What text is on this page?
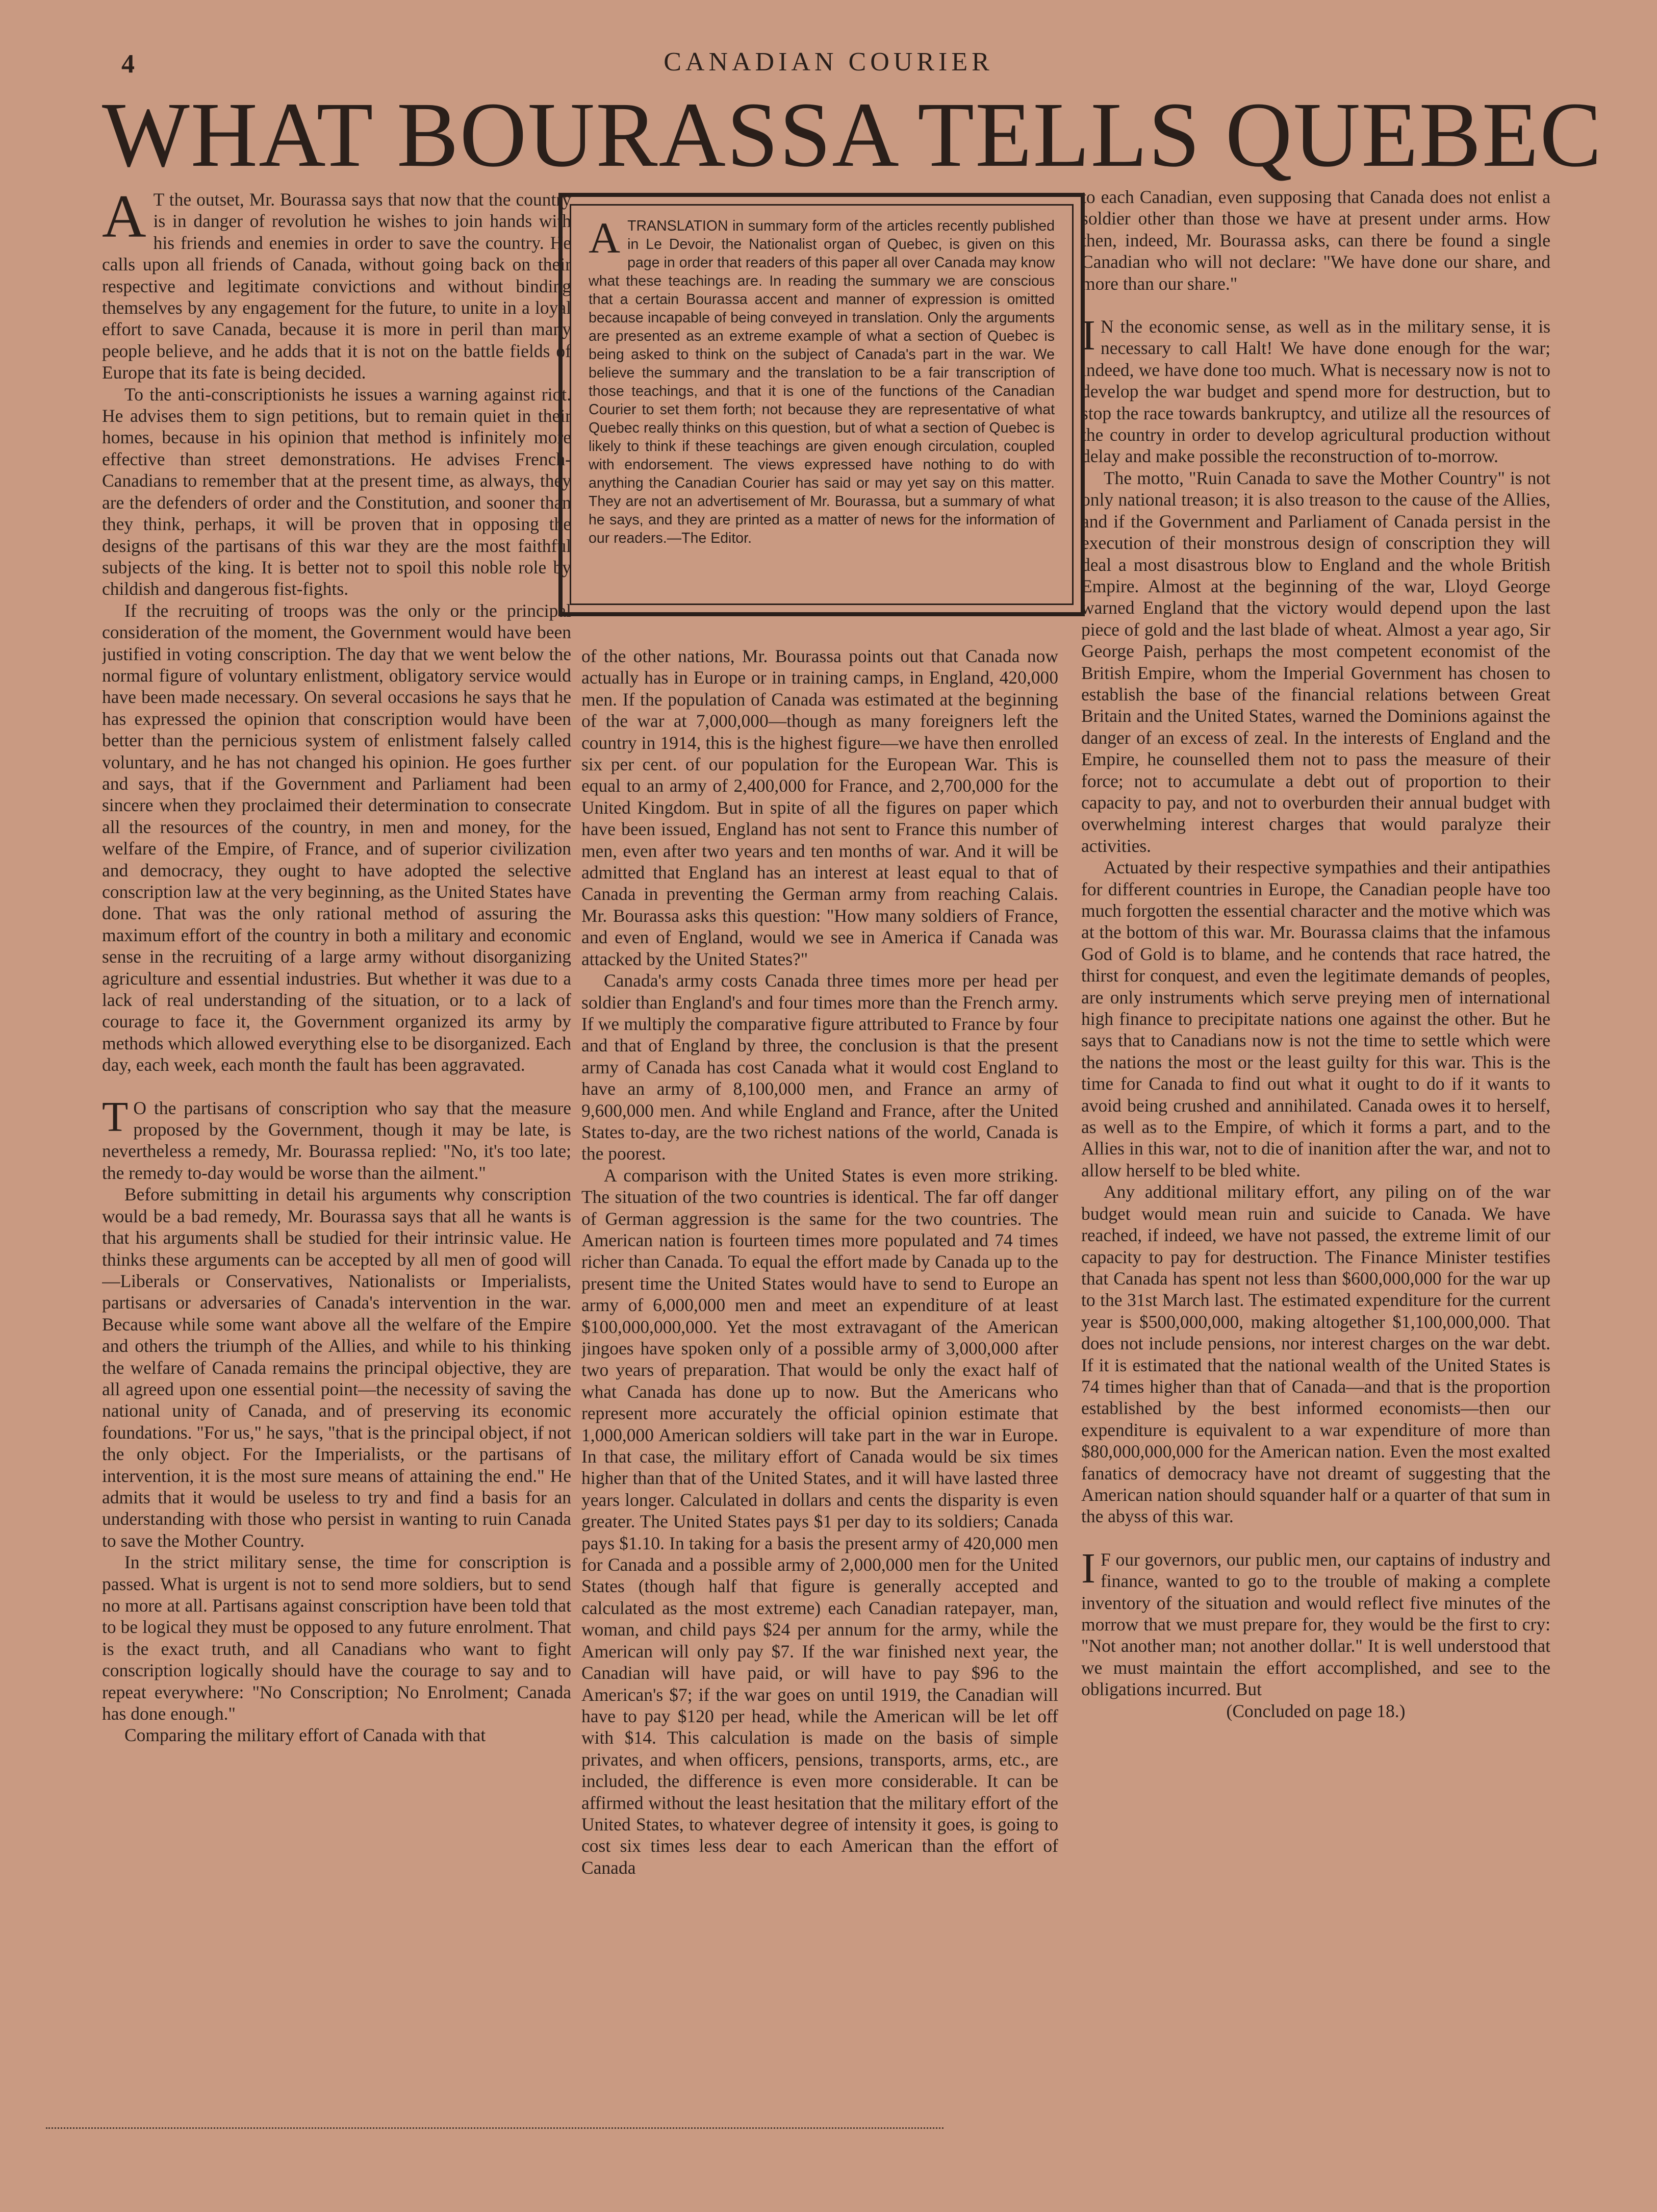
4	CANADIAN COURIER
WHAT BOURASSA TELLS QUEBEC

A T the outset, Mr. Bourassa says that now that the country is in danger of revolution he wishes to join hands with his friends and enemies in order to save the country. He calls upon all friends of Canada, without going back on their respective and legitimate convictions and without binding themselves by any engagement for the future, to unite in a loyal effort to save Canada, because it is more in peril than many people believe, and he adds that it is not on the battle fields of Europe that its fate is being decided.

To the anti-conscriptionists he issues a warning against riot. He advises them to sign petitions, but to remain quiet in their homes, because in his opinion that method is infinitely more effective than street demonstrations. He advises French-Canadians to remember that at the present time, as always, they are the defenders of order and the Constitution, and sooner than they think, perhaps, it will be proven that in opposing the designs of the partisans of this war they are the most faithful subjects of the king. It is better not to spoil this noble role by childish and dangerous fist-fights.

If the recruiting of troops was the only or the principal consideration of the moment, the Government would have been justified in voting conscription. The day that we went below the normal figure of voluntary enlistment, obligatory service would have been made necessary. On several occasions he says that he has expressed the opinion that conscription would have been better than the pernicious system of enlistment falsely called voluntary, and he has not changed his opinion. He goes further and says, that if the Government and Parliament had been sincere when they proclaimed their determination to consecrate all the resources of the country, in men and money, for the welfare of the Empire, of France, and of superior civilization and democracy, they ought to have adopted the selective conscription law at the very beginning, as the United States have done. That was the only rational method of assuring the maximum effort of the country in both a military and economic sense in the recruiting of a large army without disorganizing agriculture and essential industries. But whether it was due to a lack of real understanding of the situation, or to a lack of courage to face it, the Government organized its army by methods which allowed everything else to be disorganized. Each day, each week, each month the fault has been aggravated.

T O the partisans of conscription who say that the measure proposed by the Government, though it may be late, is nevertheless a remedy, Mr. Bourassa replied: "No, it's too late; the remedy to-day would be worse than the ailment."

Before submitting in detail his arguments why conscription would be a bad remedy, Mr. Bourassa says that all he wants is that his arguments shall be studied for their intrinsic value. He thinks these arguments can be accepted by all men of good will—Liberals or Conservatives, Nationalists or Imperialists, partisans or adversaries of Canada's intervention in the war. Because while some want above all the welfare of the Empire and others the triumph of the Allies, and while to his thinking the welfare of Canada remains the principal objective, they are all agreed upon one essential point—the necessity of saving the national unity of Canada, and of preserving its economic foundations. "For us," he says, "that is the principal object, if not the only object. For the Imperialists, or the partisans of intervention, it is the most sure means of attaining the end." He admits that it would be useless to try and find a basis for an understanding with those who persist in wanting to ruin Canada to save the Mother Country.

In the strict military sense, the time for conscription is passed. What is urgent is not to send more soldiers, but to send no more at all. Partisans against conscription have been told that to be logical they must be opposed to any future enrolment. That is the exact truth, and all Canadians who want to fight conscription logically should have the courage to say and to repeat everywhere: "No Conscription; No Enrolment; Canada has done enough."

Comparing the military effort of Canada with that

ATRANSLATION in summary form of the articles recently published in Le Devoir, the Nationalist organ of Quebec, is given on this page in order that readers of this paper all over Canada may know what these teachings are. In reading the summary we are conscious that a certain Bourassa accent and manner of expression is omitted because incapable of being conveyed in translation. Only the arguments are presented as an extreme example of what a section of Quebec is being asked to think on the subject of Canada's part in the war. We believe the summary and the translation to be a fair transcription of those teachings, and that it is one of the functions of the Canadian Courier to set them forth; not because they are representative of what Quebec really thinks on this question, but of what a section of Quebec is likely to think if these teachings are given enough circulation, coupled with endorsement. The views expressed have nothing to do with anything the Canadian Courier has said or may yet say on this matter. They are not an advertisement of Mr. Bourassa, but a summary of what he says, and they are printed as a matter of news for the information of our readers.—The Editor.

of the other nations, Mr. Bourassa points out that Canada now actually has in Europe or in training camps, in England, 420,000 men. If the population of Canada was estimated at the beginning of the war at 7,000,000—though as many foreigners left the country in 1914, this is the highest figure—we have then enrolled six per cent. of our population for the European War. This is equal to an army of 2,400,000 for France, and 2,700,000 for the United Kingdom. But in spite of all the figures on paper which have been issued, England has not sent to France this number of men, even after two years and ten months of war. And it will be admitted that England has an interest at least equal to that of Canada in preventing the German army from reaching Calais. Mr. Bourassa asks this question: "How many soldiers of France, and even of England, would we see in America if Canada was attacked by the United States?"

Canada's army costs Canada three times more per head per soldier than England's and four times more than the French army. If we multiply the comparative figure attributed to France by four and that of England by three, the conclusion is that the present army of Canada has cost Canada what it would cost England to have an army of 8,100,000 men, and France an army of 9,600,000 men. And while England and France, after the United States to-day, are the two richest nations of the world, Canada is the poorest.

A comparison with the United States is even more striking. The situation of the two countries is identical. The far off danger of German aggression is the same for the two countries. The American nation is fourteen times more populated and 74 times richer than Canada. To equal the effort made by Canada up to the present time the United States would have to send to Europe an army of 6,000,000 men and meet an expenditure of at least $100,000,000,000. Yet the most extravagant of the American jingoes have spoken only of a possible army of 3,000,000 after two years of preparation. That would be only the exact half of what Canada has done up to now. But the Americans who represent more accurately the official opinion estimate that 1,000,000 American soldiers will take part in the war in Europe. In that case, the military effort of Canada would be six times higher than that of the United States, and it will have lasted three years longer. Calculated in dollars and cents the disparity is even greater. The United States pays $1 per day to its soldiers; Canada pays $1.10. In taking for a basis the present army of 420,000 men for Canada and a possible army of 2,000,000 men for the United States (though half that figure is generally accepted and calculated as the most extreme) each Canadian ratepayer, man, woman, and child pays $24 per annum for the army, while the American will only pay $7. If the war finished next year, the Canadian will have paid, or will have to pay $96 to the American's $7; if the war goes on until 1919, the Canadian will have to pay $120 per head, while the American will be let off with $14. This calculation is made on the basis of simple privates, and when officers, pensions, transports, arms, etc., are included, the difference is even more considerable. It can be affirmed without the least hesitation that the military effort of the United States, to whatever degree of intensity it goes, is going to cost six times less dear to each American than the effort of Canada

to each Canadian, even supposing that Canada does not enlist a soldier other than those we have at present under arms. How then, indeed, Mr. Bourassa asks, can there be found a single Canadian who will not declare: "We have done our share, and more than our share."

I N the economic sense, as well as in the military sense, it is necessary to call Halt! We have done enough for the war; indeed, we have done too much. What is necessary now is not to develop the war budget and spend more for destruction, but to stop the race towards bankruptcy, and utilize all the resources of the country in order to develop agricultural production without delay and make possible the reconstruction of to-morrow.

The motto, "Ruin Canada to save the Mother Country" is not only national treason; it is also treason to the cause of the Allies, and if the Government and Parliament of Canada persist in the execution of their monstrous design of conscription they will deal a most disastrous blow to England and the whole British Empire. Almost at the beginning of the war, Lloyd George warned England that the victory would depend upon the last piece of gold and the last blade of wheat. Almost a year ago, Sir George Paish, perhaps the most competent economist of the British Empire, whom the Imperial Government has chosen to establish the base of the financial relations between Great Britain and the United States, warned the Dominions against the danger of an excess of zeal. In the interests of England and the Empire, he counselled them not to pass the measure of their force; not to accumulate a debt out of proportion to their capacity to pay, and not to overburden their annual budget with overwhelming interest charges that would paralyze their activities.

Actuated by their respective sympathies and their antipathies for different countries in Europe, the Canadian people have too much forgotten the essential character and the motive which was at the bottom of this war. Mr. Bourassa claims that the infamous God of Gold is to blame, and he contends that race hatred, the thirst for conquest, and even the legitimate demands of peoples, are only instruments which serve preying men of international high finance to precipitate nations one against the other. But he says that to Canadians now is not the time to settle which were the nations the most or the least guilty for this war. This is the time for Canada to find out what it ought to do if it wants to avoid being crushed and annihilated. Canada owes it to herself, as well as to the Empire, of which it forms a part, and to the Allies in this war, not to die of inanition after the war, and not to allow herself to be bled white.

Any additional military effort, any piling on of the war budget would mean ruin and suicide to Canada. We have reached, if indeed, we have not passed, the extreme limit of our capacity to pay for destruction. The Finance Minister testifies that Canada has spent not less than $600,000,000 for the war up to the 31st March last. The estimated expenditure for the current year is $500,000,000, making altogether $1,100,000,000. That does not include pensions, nor interest charges on the war debt. If it is estimated that the national wealth of the United States is 74 times higher than that of Canada—and that is the proportion established by the best informed economists—then our expenditure is equivalent to a war expenditure of more than $80,000,000,000 for the American nation. Even the most exalted fanatics of democracy have not dreamt of suggesting that the American nation should squander half or a quarter of that sum in the abyss of this war.

I F our governors, our public men, our captains of industry and finance, wanted to go to the trouble of making a complete inventory of the situation and would reflect five minutes of the morrow that we must prepare for, they would be the first to cry: "Not another man; not another dollar." It is well understood that we must maintain the effort accomplished, and see to the obligations incurred. But

(Concluded on page 18.)
